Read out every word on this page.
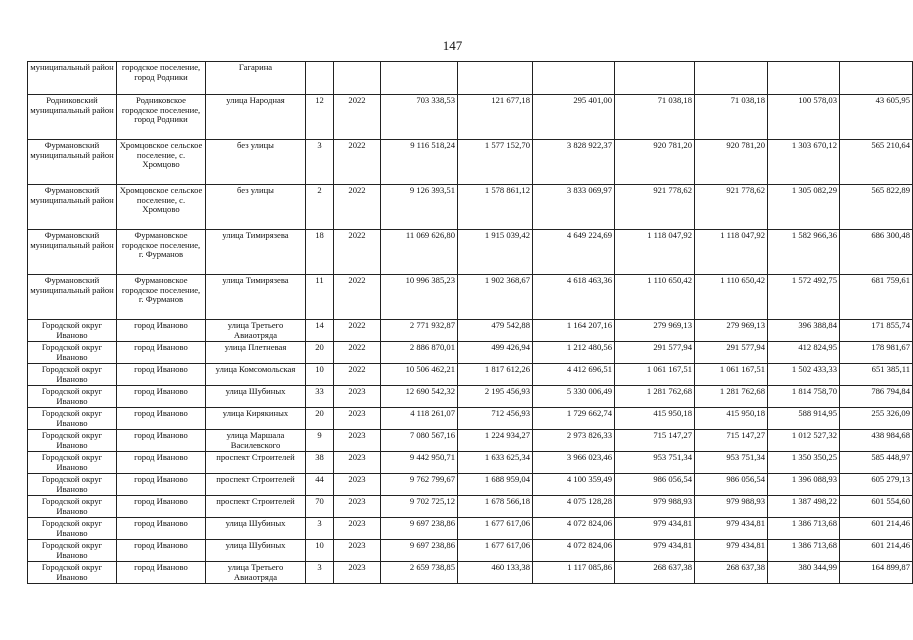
147
муниципальный район	городское поселение, город Родники	Гагарина									
Родниковский муниципальный район	Родниковское городское поселение, город Родники	улица Народная	12	2022	703 338,53	121 677,18	295 401,00	71 038,18	71 038,18	100 578,03	43 605,95
Фурмановский муниципальный район	Хромцовское сельское поселение, с. Хромцово	без улицы	3	2022	9 116 518,24	1 577 152,70	3 828 922,37	920 781,20	920 781,20	1 303 670,12	565 210,64
Фурмановский муниципальный район	Хромцовское сельское поселение, с. Хромцово	без улицы	2	2022	9 126 393,51	1 578 861,12	3 833 069,97	921 778,62	921 778,62	1 305 082,29	565 822,89
Фурмановский муниципальный район	Фурмановское городское поселение, г. Фурманов	улица Тимирязева	18	2022	11 069 626,80	1 915 039,42	4 649 224,69	1 118 047,92	1 118 047,92	1 582 966,36	686 300,48
Фурмановский муниципальный район	Фурмановское городское поселение, г. Фурманов	улица Тимирязева	11	2022	10 996 385,23	1 902 368,67	4 618 463,36	1 110 650,42	1 110 650,42	1 572 492,75	681 759,61
Городской округ Иваново	город Иваново	улица Третьего Авиаотряда	14	2022	2 771 932,87	479 542,88	1 164 207,16	279 969,13	279 969,13	396 388,84	171 855,74
Городской округ Иваново	город Иваново	улица Плетневая	20	2022	2 886 870,01	499 426,94	1 212 480,56	291 577,94	291 577,94	412 824,95	178 981,67
Городской округ Иваново	город Иваново	улица Комсомольская	10	2022	10 506 462,21	1 817 612,26	4 412 696,51	1 061 167,51	1 061 167,51	1 502 433,33	651 385,11
Городской округ Иваново	город Иваново	улица Шубиных	33	2023	12 690 542,32	2 195 456,93	5 330 006,49	1 281 762,68	1 281 762,68	1 814 758,70	786 794,84
Городской округ Иваново	город Иваново	улица Кирякиных	20	2023	4 118 261,07	712 456,93	1 729 662,74	415 950,18	415 950,18	588 914,95	255 326,09
Городской округ Иваново	город Иваново	улица Маршала Василевского	9	2023	7 080 567,16	1 224 934,27	2 973 826,33	715 147,27	715 147,27	1 012 527,32	438 984,68
Городской округ Иваново	город Иваново	проспект Строителей	38	2023	9 442 950,71	1 633 625,34	3 966 023,46	953 751,34	953 751,34	1 350 350,25	585 448,97
Городской округ Иваново	город Иваново	проспект Строителей	44	2023	9 762 799,67	1 688 959,04	4 100 359,49	986 056,54	986 056,54	1 396 088,93	605 279,13
Городской округ Иваново	город Иваново	проспект Строителей	70	2023	9 702 725,12	1 678 566,18	4 075 128,28	979 988,93	979 988,93	1 387 498,22	601 554,60
Городской округ Иваново	город Иваново	улица Шубиных	3	2023	9 697 238,86	1 677 617,06	4 072 824,06	979 434,81	979 434,81	1 386 713,68	601 214,46
Городской округ Иваново	город Иваново	улица Шубиных	10	2023	9 697 238,86	1 677 617,06	4 072 824,06	979 434,81	979 434,81	1 386 713,68	601 214,46
Городской округ Иваново	город Иваново	улица Третьего Авиаотряда	3	2023	2 659 738,85	460 133,38	1 117 085,86	268 637,38	268 637,38	380 344,99	164 899,87
